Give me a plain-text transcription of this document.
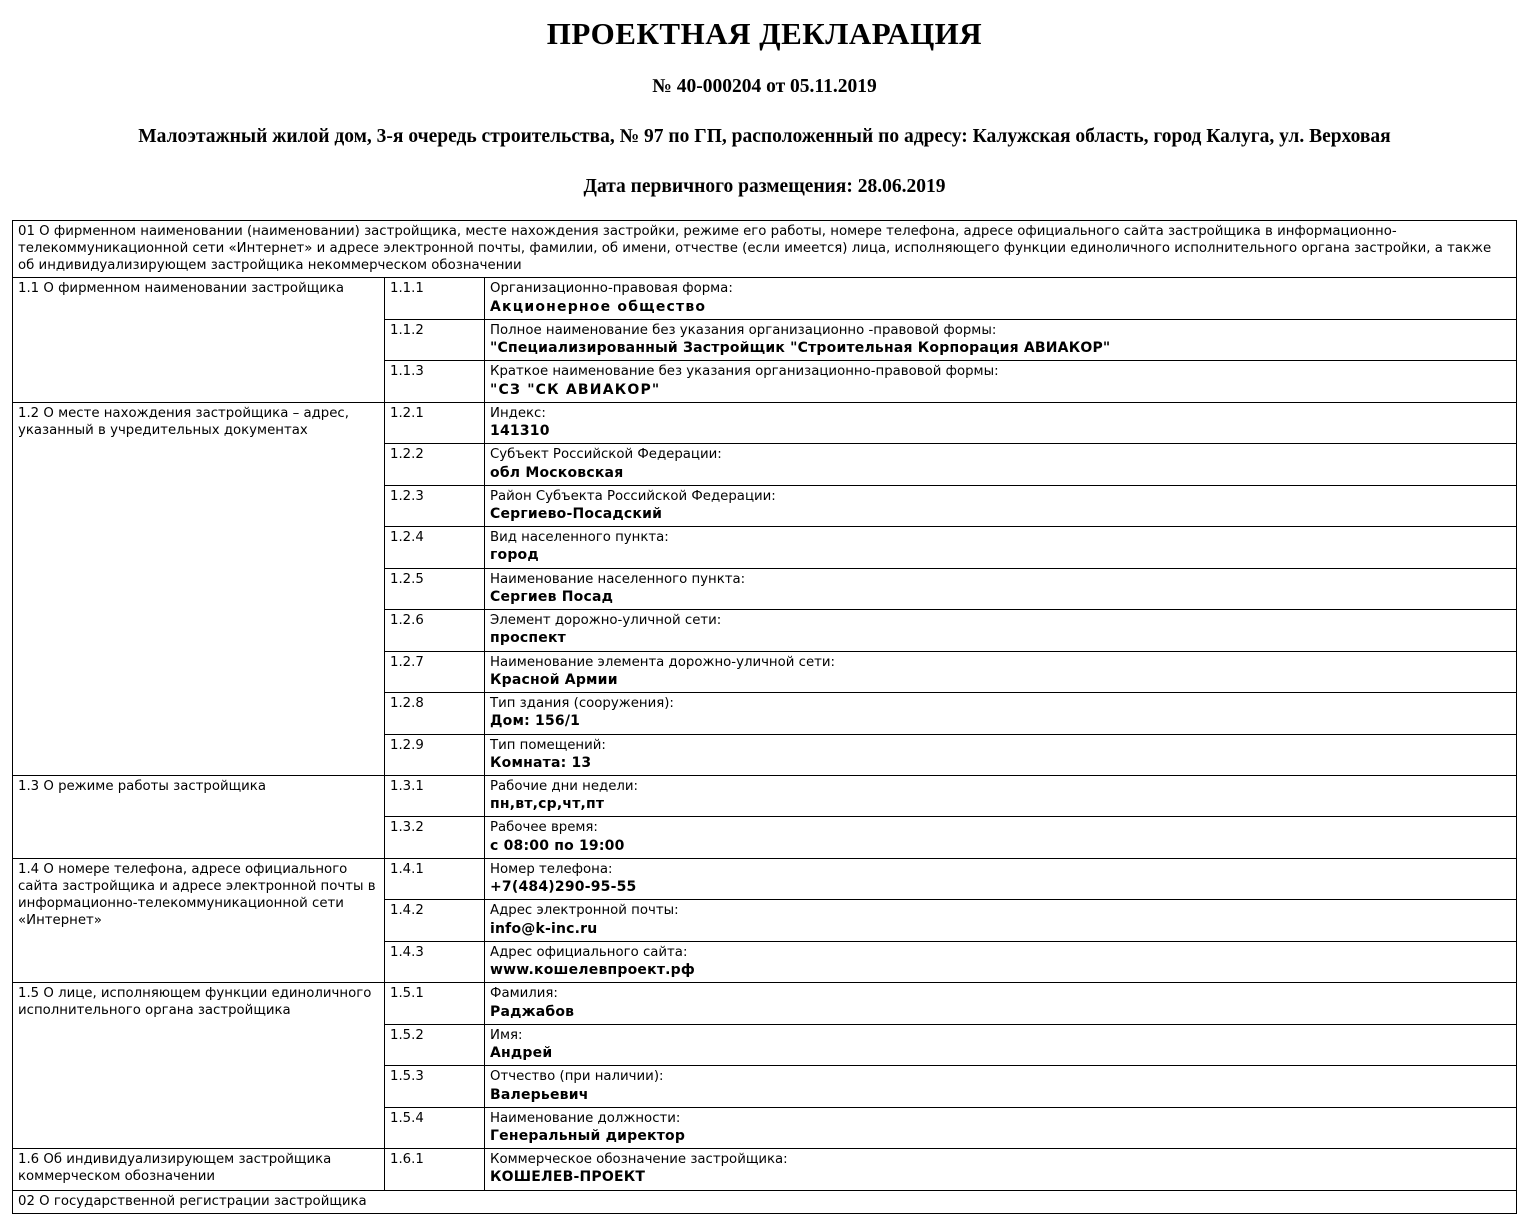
ПРОЕКТНАЯ ДЕКЛАРАЦИЯ
№ 40-000204 от 05.11.2019
Малоэтажный жилой дом, 3-я очередь строительства, № 97 по ГП, расположенный по адресу: Калужская область, город Калуга, ул. Верховая
Дата первичного размещения: 28.06.2019
01 О фирменном наименовании (наименовании) застройщика, месте нахождения застройки, режиме его работы, номере телефона, адресе официального сайта застройщика в информационно-телекоммуникационной сети «Интернет» и адресе электронной почты, фамилии, об имени, отчестве (если имеется) лица, исполняющего функции единоличного исполнительного органа застройки, а также об индивидуализирующем застройщика некоммерческом обозначении		
1.1 О фирменном наименовании застройщика	1.1.1	Организационно-правовая форма:
Акционерное общество

	1.1.2	Полное наименование без указания организационно -правовой формы:
"Специализированный Застройщик "Строительная Корпорация АВИАКОР"

	1.1.3	Краткое наименование без указания организационно-правовой формы:
"СЗ "СК АВИАКОР"

1.2 О месте нахождения застройщика – адрес, указанный в учредительных документах	1.2.1	Индекс:
141310

	1.2.2	Субъект Российской Федерации:
обл Московская

	1.2.3	Район Субъекта Российской Федерации:
Сергиево-Посадский

	1.2.4	Вид населенного пункта:
город

	1.2.5	Наименование населенного пункта:
Сергиев Посад

	1.2.6	Элемент дорожно-уличной сети:
проспект

	1.2.7	Наименование элемента дорожно-уличной сети:
Красной Армии

	1.2.8	Тип здания (сооружения):
Дом: 156/1

	1.2.9	Тип помещений:
Комната: 13

1.3 О режиме работы застройщика	1.3.1	Рабочие дни недели:
пн,вт,ср,чт,пт

	1.3.2	Рабочее время:
с 08:00 по 19:00

1.4 О номере телефона, адресе официального сайта застройщика и адресе электронной почты в информационно-телекоммуникационной сети «Интернет»	1.4.1	Номер телефона:
+7(484)290-95-55

	1.4.2	Адрес электронной почты:
info@k-inc.ru

	1.4.3	Адрес официального сайта:
www.кошелевпроект.рф

1.5 О лице, исполняющем функции единоличного исполнительного органа застройщика	1.5.1	Фамилия:
Раджабов

	1.5.2	Имя:
Андрей

	1.5.3	Отчество (при наличии):
Валерьевич

	1.5.4	Наименование должности:
Генеральный директор

1.6 Об индивидуализирующем застройщика коммерческом обозначении	1.6.1	Коммерческое обозначение застройщика:
КОШЕЛЕВ-ПРОЕКТ

02 О государственной регистрации застройщика		
